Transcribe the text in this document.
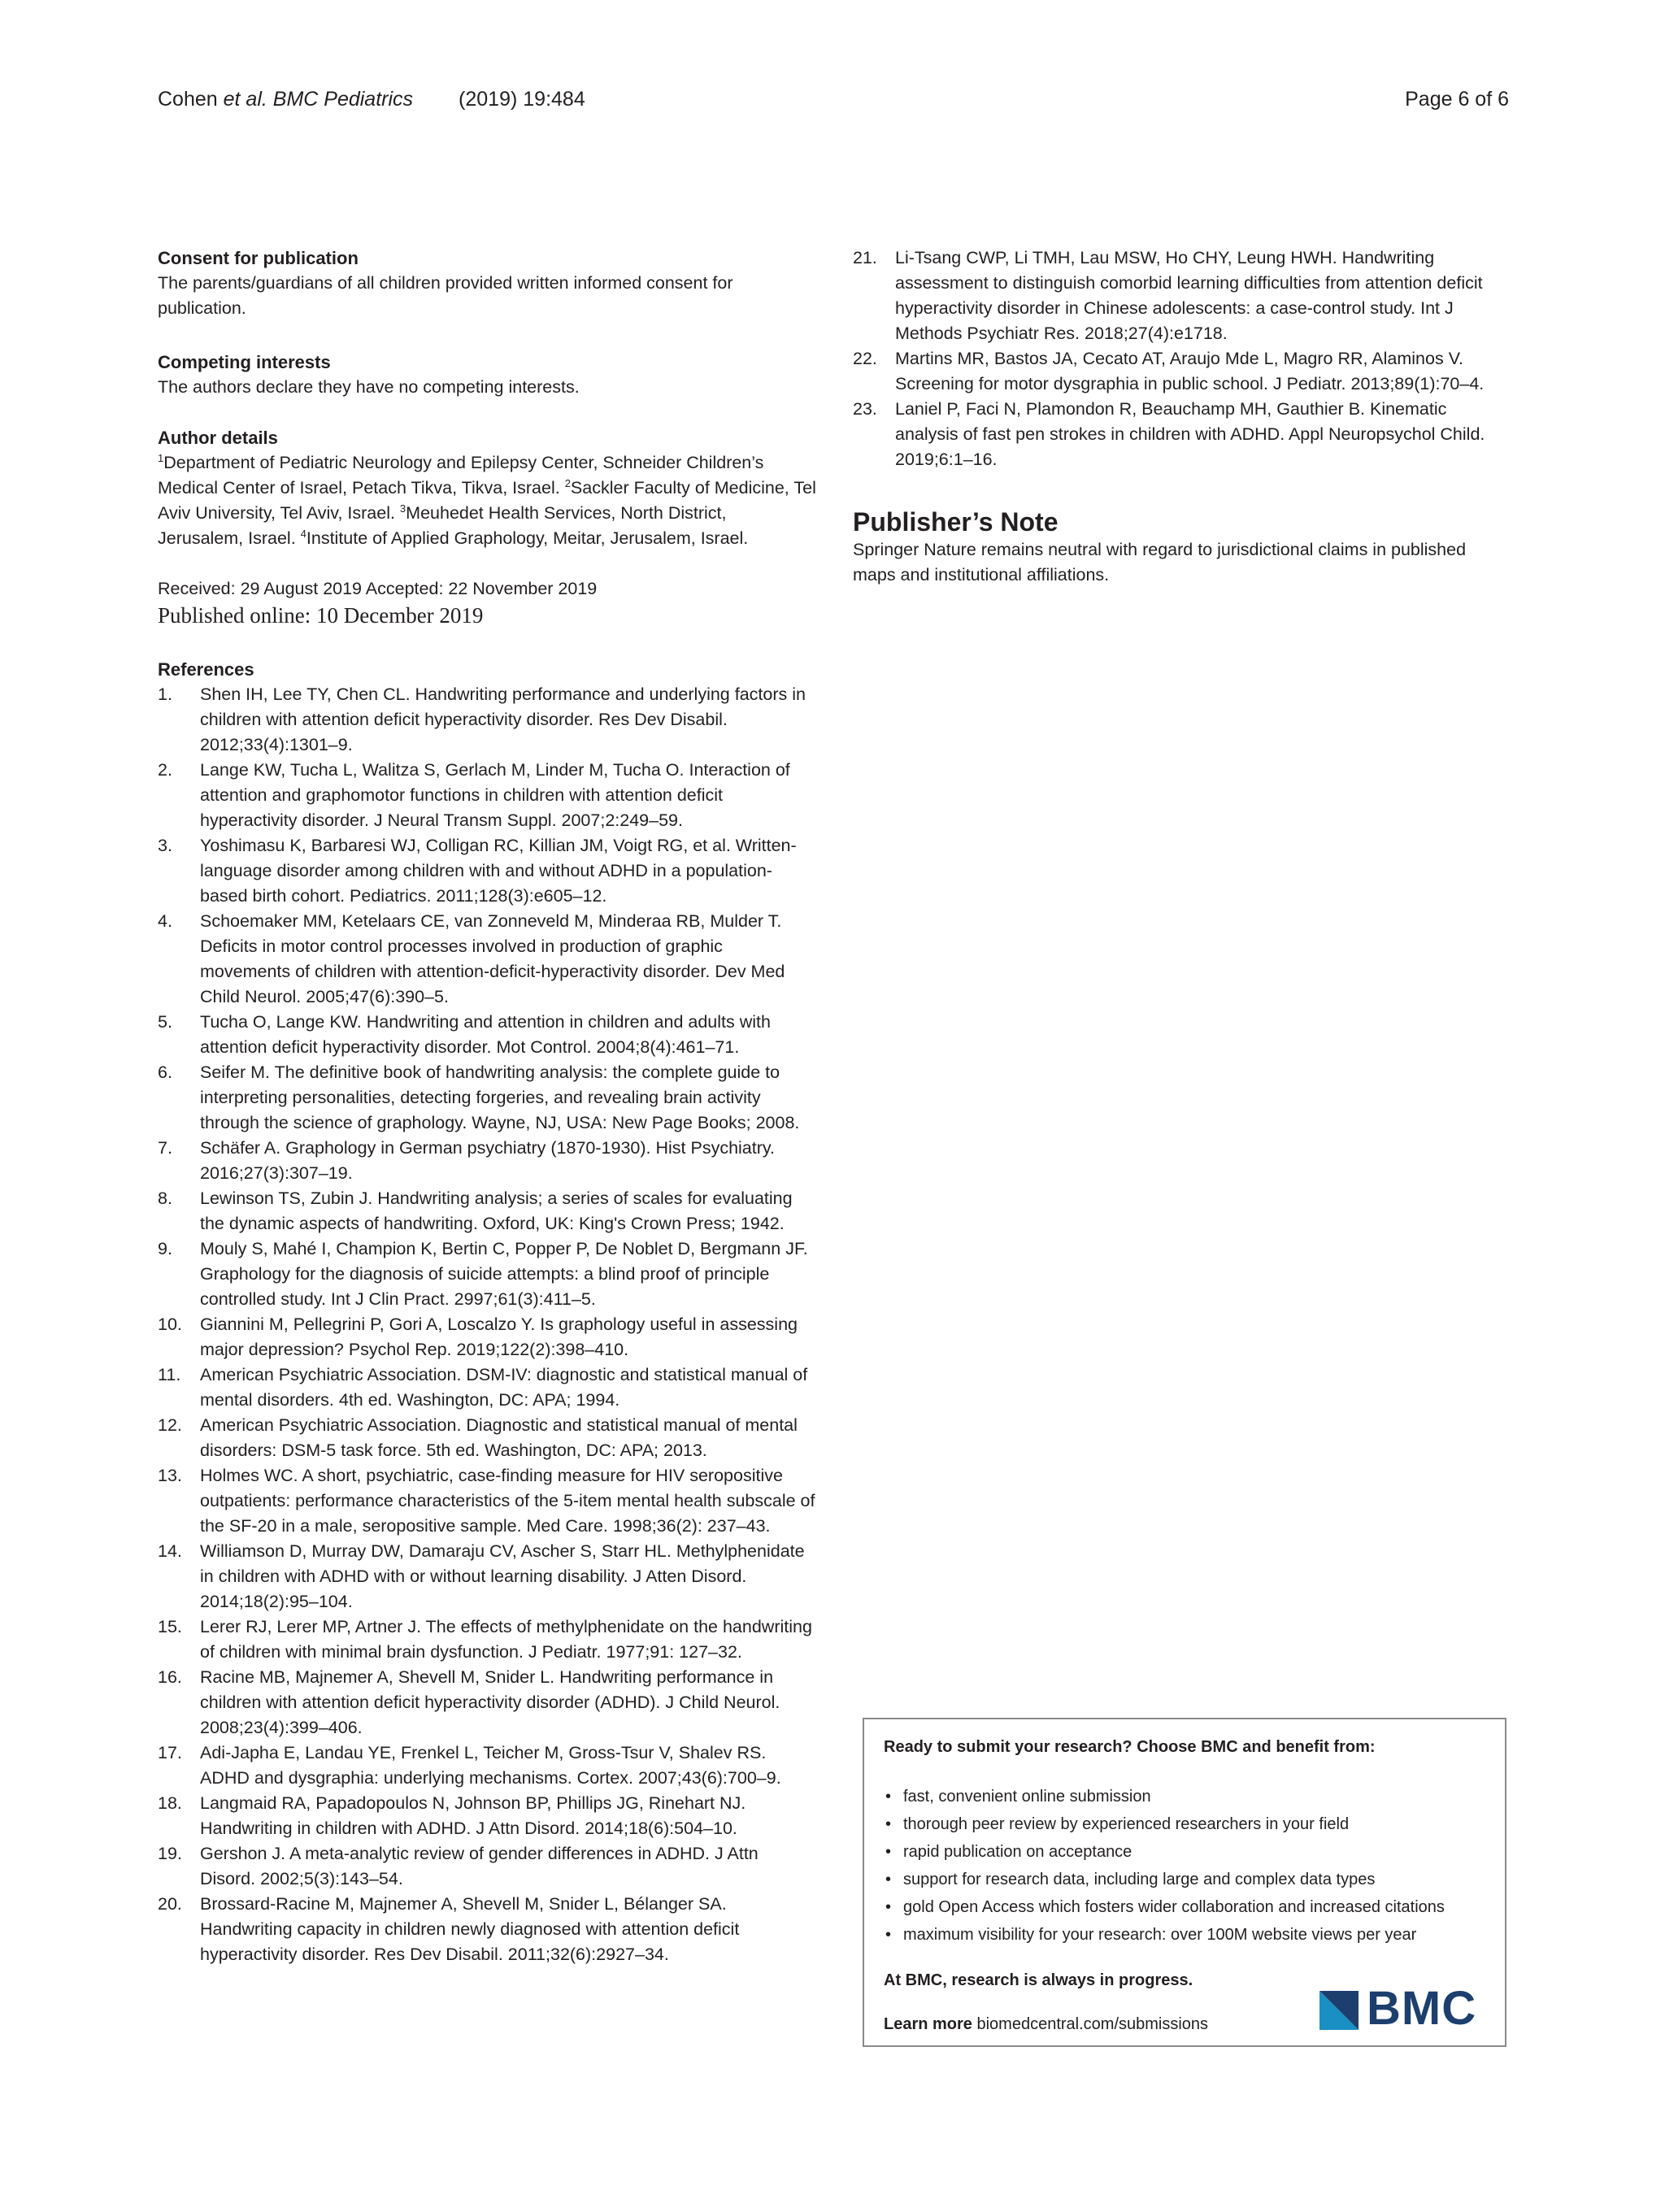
Cohen et al. BMC Pediatrics (2019) 19:484	Page 6 of 6

Consent for publication

The parents/guardians of all children provided written informed consent for publication.

Competing interests

The authors declare they have no competing interests.

Author details

$^1$Department of Pediatric Neurology and Epilepsy Center, Schneider Children’s Medical Center of Israel, Petach Tikva, Tikva, Israel. $^2$Sackler Faculty of Medicine, Tel Aviv University, Tel Aviv, Israel. $^3$Meuhedet Health Services, North District, Jerusalem, Israel. $^4$Institute of Applied Graphology, Meitar, Jerusalem, Israel.

Received: 29 August 2019 Accepted: 22 November 2019

Published online: 10 December 2019

References

1. Shen IH, Lee TY, Chen CL. Handwriting performance and underlying factors in children with attention deficit hyperactivity disorder. Res Dev Disabil. 2012;33(4):1301–9.
2. Lange KW, Tucha L, Walitza S, Gerlach M, Linder M, Tucha O. Interaction of attention and graphomotor functions in children with attention deficit hyperactivity disorder. J Neural Transm Suppl. 2007;2:249–59.
3. Yoshimasu K, Barbaresi WJ, Colligan RC, Killian JM, Voigt RG, et al. Written-language disorder among children with and without ADHD in a population-based birth cohort. Pediatrics. 2011;128(3):e605–12.
4. Schoemaker MM, Ketelaars CE, van Zonneveld M, Minderaa RB, Mulder T. Deficits in motor control processes involved in production of graphic movements of children with attention-deficit-hyperactivity disorder. Dev Med Child Neurol. 2005;47(6):390–5.
5. Tucha O, Lange KW. Handwriting and attention in children and adults with attention deficit hyperactivity disorder. Mot Control. 2004;8(4):461–71.
6. Seifer M. The definitive book of handwriting analysis: the complete guide to interpreting personalities, detecting forgeries, and revealing brain activity through the science of graphology. Wayne, NJ, USA: New Page Books; 2008.
7. Schäfer A. Graphology in German psychiatry (1870-1930). Hist Psychiatry. 2016;27(3):307–19.
8. Lewinson TS, Zubin J. Handwriting analysis; a series of scales for evaluating the dynamic aspects of handwriting. Oxford, UK: King's Crown Press; 1942.
9. Mouly S, Mahé I, Champion K, Bertin C, Popper P, De Noblet D, Bergmann JF. Graphology for the diagnosis of suicide attempts: a blind proof of principle controlled study. Int J Clin Pract. 2997;61(3):411–5.
10. Giannini M, Pellegrini P, Gori A, Loscalzo Y. Is graphology useful in assessing major depression? Psychol Rep. 2019;122(2):398–410.
11. American Psychiatric Association. DSM-IV: diagnostic and statistical manual of mental disorders. 4th ed. Washington, DC: APA; 1994.
12. American Psychiatric Association. Diagnostic and statistical manual of mental disorders: DSM-5 task force. 5th ed. Washington, DC: APA; 2013.
13. Holmes WC. A short, psychiatric, case-finding measure for HIV seropositive outpatients: performance characteristics of the 5-item mental health subscale of the SF-20 in a male, seropositive sample. Med Care. 1998;36(2): 237–43.
14. Williamson D, Murray DW, Damaraju CV, Ascher S, Starr HL. Methylphenidate in children with ADHD with or without learning disability. J Atten Disord. 2014;18(2):95–104.
15. Lerer RJ, Lerer MP, Artner J. The effects of methylphenidate on the handwriting of children with minimal brain dysfunction. J Pediatr. 1977;91: 127–32.
16. Racine MB, Majnemer A, Shevell M, Snider L. Handwriting performance in children with attention deficit hyperactivity disorder (ADHD). J Child Neurol. 2008;23(4):399–406.
17. Adi-Japha E, Landau YE, Frenkel L, Teicher M, Gross-Tsur V, Shalev RS. ADHD and dysgraphia: underlying mechanisms. Cortex. 2007;43(6):700–9.
18. Langmaid RA, Papadopoulos N, Johnson BP, Phillips JG, Rinehart NJ. Handwriting in children with ADHD. J Attn Disord. 2014;18(6):504–10.
19. Gershon J. A meta-analytic review of gender differences in ADHD. J Attn Disord. 2002;5(3):143–54.
20. Brossard-Racine M, Majnemer A, Shevell M, Snider L, Bélanger SA. Handwriting capacity in children newly diagnosed with attention deficit hyperactivity disorder. Res Dev Disabil. 2011;32(6):2927–34.
21. Li-Tsang CWP, Li TMH, Lau MSW, Ho CHY, Leung HWH. Handwriting assessment to distinguish comorbid learning difficulties from attention deficit hyperactivity disorder in Chinese adolescents: a case-control study. Int J Methods Psychiatr Res. 2018;27(4):e1718.
22. Martins MR, Bastos JA, Cecato AT, Araujo Mde L, Magro RR, Alaminos V. Screening for motor dysgraphia in public school. J Pediatr. 2013;89(1):70–4.
23. Laniel P, Faci N, Plamondon R, Beauchamp MH, Gauthier B. Kinematic analysis of fast pen strokes in children with ADHD. Appl Neuropsychol Child. 2019;6:1–16.

Publisher’s Note

Springer Nature remains neutral with regard to jurisdictional claims in published maps and institutional affiliations.

Ready to submit your research? Choose BMC and benefit from:

• fast, convenient online submission
• thorough peer review by experienced researchers in your field
• rapid publication on acceptance
• support for research data, including large and complex data types
• gold Open Access which fosters wider collaboration and increased citations
• maximum visibility for your research: over 100M website views per year
At BMC, research is always in progress.
Learn more biomedcentral.com/submissions	BMC
